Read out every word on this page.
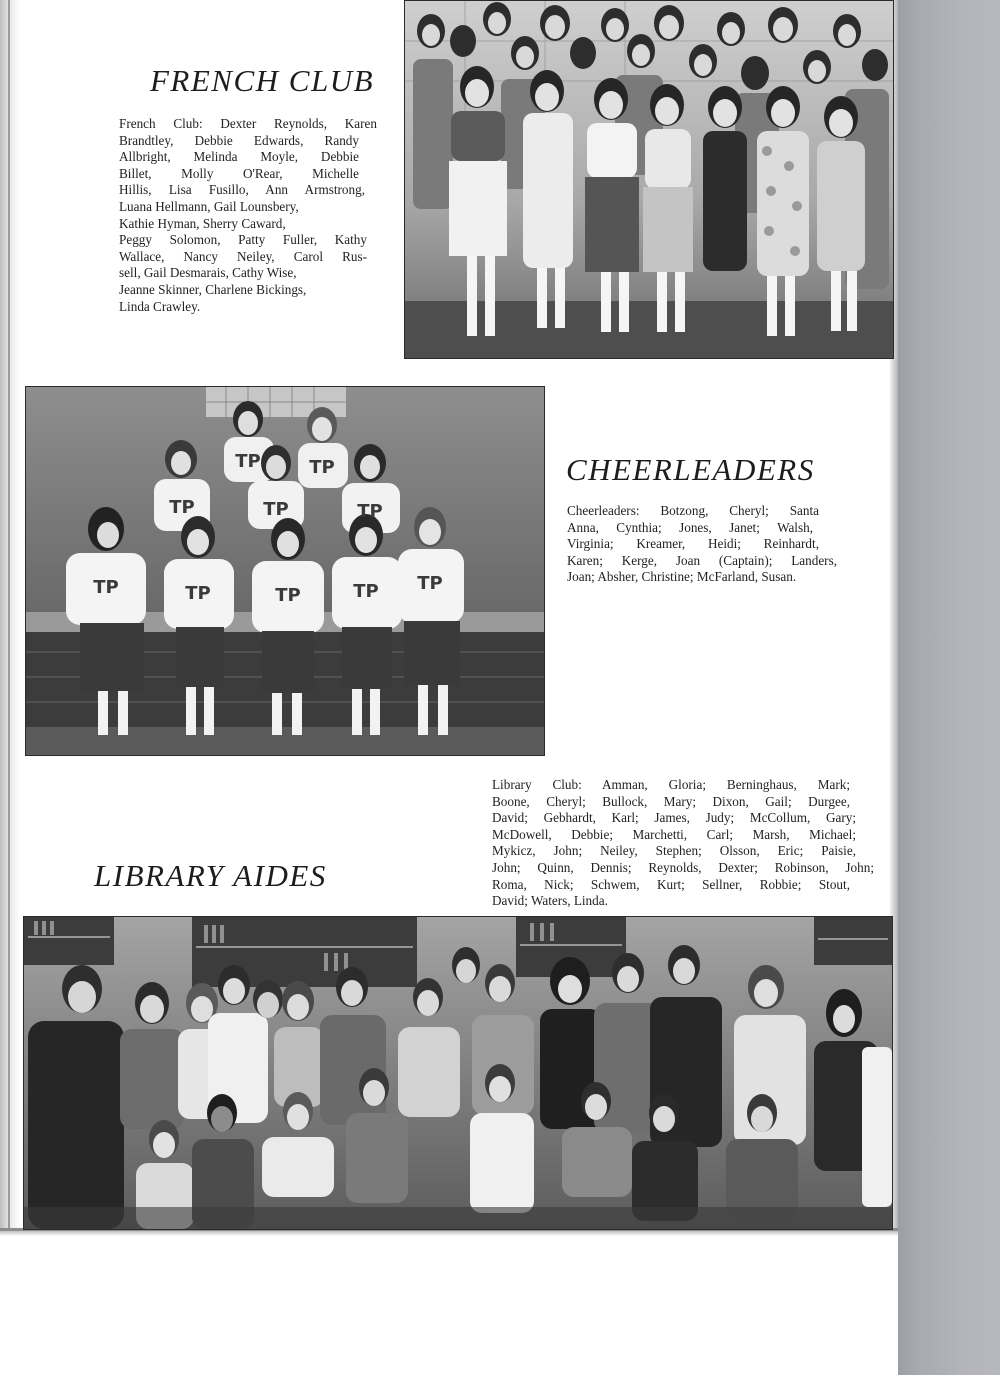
FRENCH CLUB
French Club: Dexter Reynolds, Karen
Brandtley, Debbie Edwards, Randy
Allbright, Melinda Moyle, Debbie
Billet, Molly O'Rear, Michelle
Hillis, Lisa Fusillo, Ann Armstrong,
Luana Hellmann, Gail Lounsbery,
Kathie Hyman, Sherry Caward,
Peggy Solomon, Patty Fuller, Kathy
Wallace, Nancy Neiley, Carol Rus-
sell, Gail Desmarais, Cathy Wise,
Jeanne Skinner, Charlene Bickings,
Linda Crawley.
TP	TP
TP	TP	TP
TP	TP	TP	TP TP
CHEERLEADERS
Cheerleaders: Botzong, Cheryl; Santa
Anna, Cynthia; Jones, Janet; Walsh,
Virginia; Kreamer, Heidi; Reinhardt,
Karen; Kerge, Joan (Captain); Landers,
Joan; Absher, Christine; McFarland, Susan.
Library Club: Amman, Gloria; Berninghaus, Mark;
Boone, Cheryl; Bullock, Mary; Dixon, Gail; Durgee,
David; Gebhardt, Karl; James, Judy; McCollum, Gary;
McDowell, Debbie; Marchetti, Carl; Marsh, Michael;
Mykicz, John; Neiley, Stephen; Olsson, Eric; Paisie,
John; Quinn, Dennis; Reynolds, Dexter; Robinson, John;
Roma, Nick; Schwem, Kurt; Sellner, Robbie; Stout,
David; Waters, Linda.
LIBRARY AIDES
